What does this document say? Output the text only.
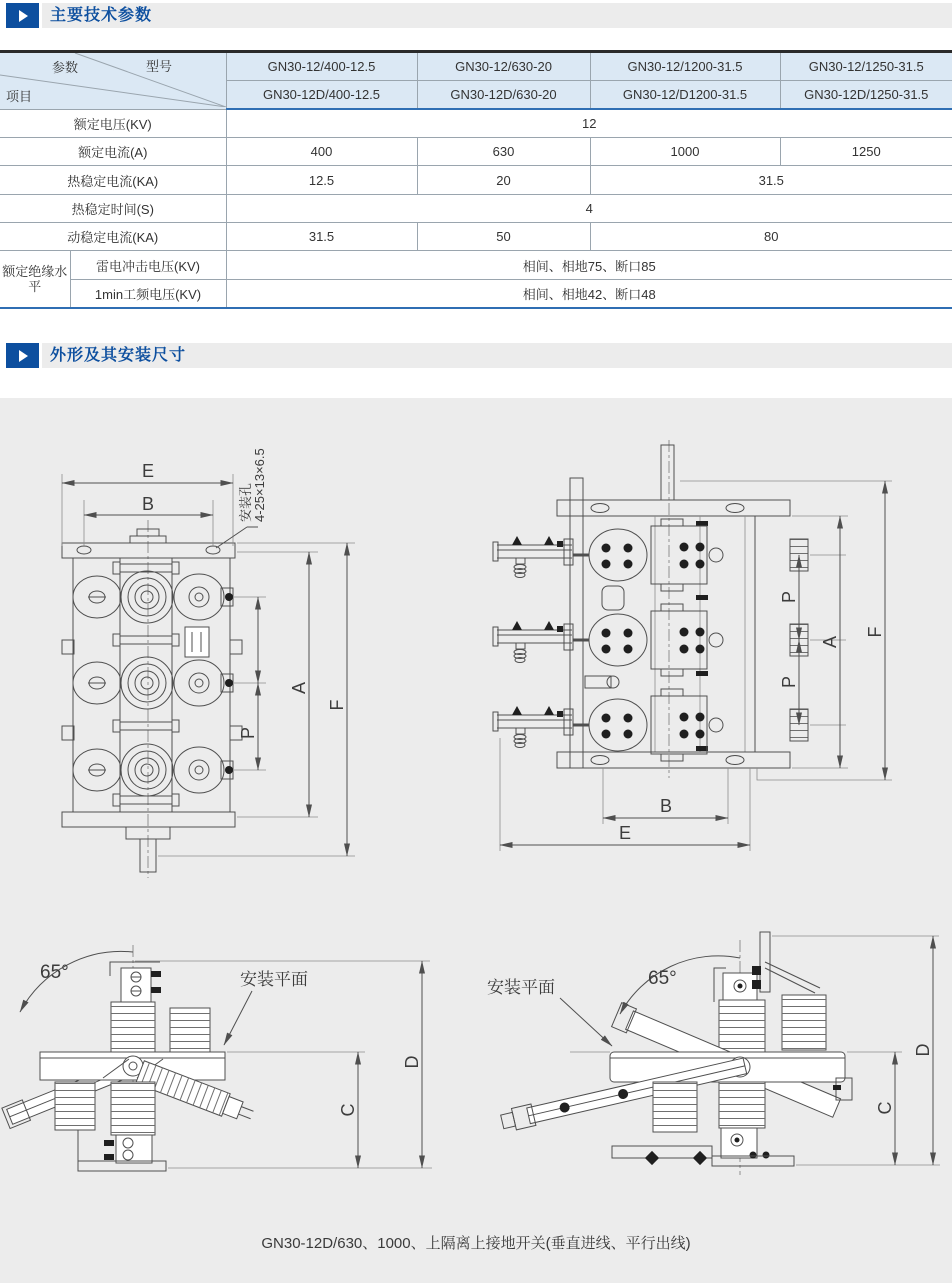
主要技术参数
参数 型号
项目		GN30-12/400-12.5	GN30-12/630-20	GN30-12/1200-31.5	GN30-12/1250-31.5
		GN30-12D/400-12.5	GN30-12D/630-20	GN30-12/D1200-31.5	GN30-12D/1250-31.5
额定电压(KV)		12			
额定电流(A)		400	630	1000	1250
热稳定电流(KA)		12.5	20	31.5	
热稳定时间(S)		4			
动稳定电流(KA)		31.5	50	80	
额定绝缘水平	雷电冲击电压(KV)	相间、相地75、断口85			
	1min工频电压(KV)	相间、相地42、断口48			
外形及其安装尺寸
E
B	安装孔 4-25×13×6.5
P
A
F
P
P
A
F
B
E
65°	安装平面
C
D
65°
安装平面
C
D
GN30-12D/630、1000、上隔离上接地开关(垂直进线、平行出线)
